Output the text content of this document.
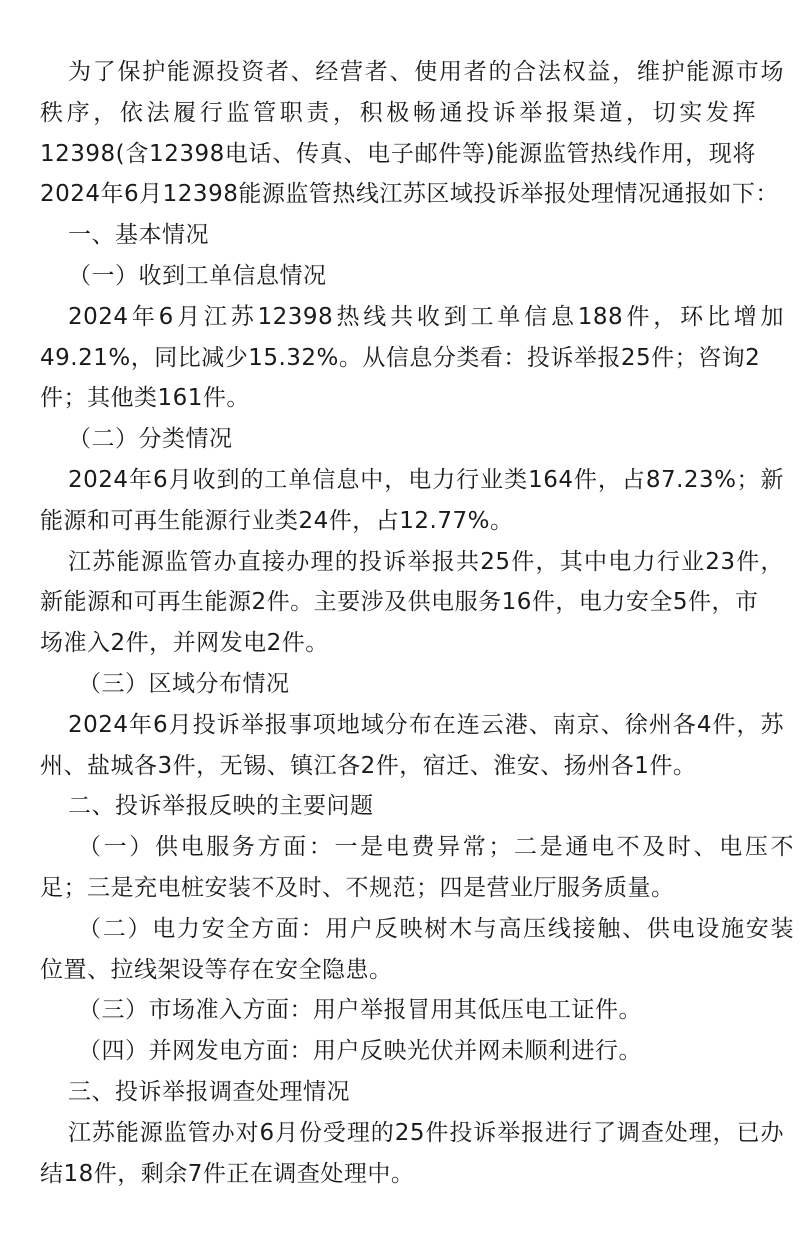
为了保护能源投资者、经营者、使用者的合法权益，维护能源市场
秩序，依法履行监管职责，积极畅通投诉举报渠道，切实发挥
12398(含12398电话、传真、电子邮件等)能源监管热线作用，现将
2024年6月12398能源监管热线江苏区域投诉举报处理情况通报如下：
一、基本情况
（一）收到工单信息情况
2024年6月江苏12398热线共收到工单信息188件，环比增加
49.21%，同比减少15.32%。从信息分类看：投诉举报25件；咨询2
件；其他类161件。
（二）分类情况
2024年6月收到的工单信息中，电力行业类164件，占87.23%；新
能源和可再生能源行业类24件，占12.77%。
江苏能源监管办直接办理的投诉举报共25件，其中电力行业23件，
新能源和可再生能源2件。主要涉及供电服务16件，电力安全5件，市
场准入2件，并网发电2件。
（三）区域分布情况
2024年6月投诉举报事项地域分布在连云港、南京、徐州各4件，苏
州、盐城各3件，无锡、镇江各2件，宿迁、淮安、扬州各1件。
二、投诉举报反映的主要问题
（一）供电服务方面：一是电费异常；二是通电不及时、电压不
足；三是充电桩安装不及时、不规范；四是营业厅服务质量。
（二）电力安全方面：用户反映树木与高压线接触、供电设施安装
位置、拉线架设等存在安全隐患。
（三）市场准入方面：用户举报冒用其低压电工证件。
（四）并网发电方面：用户反映光伏并网未顺利进行。
三、投诉举报调查处理情况
江苏能源监管办对6月份受理的25件投诉举报进行了调查处理，已办
结18件，剩余7件正在调查处理中。
